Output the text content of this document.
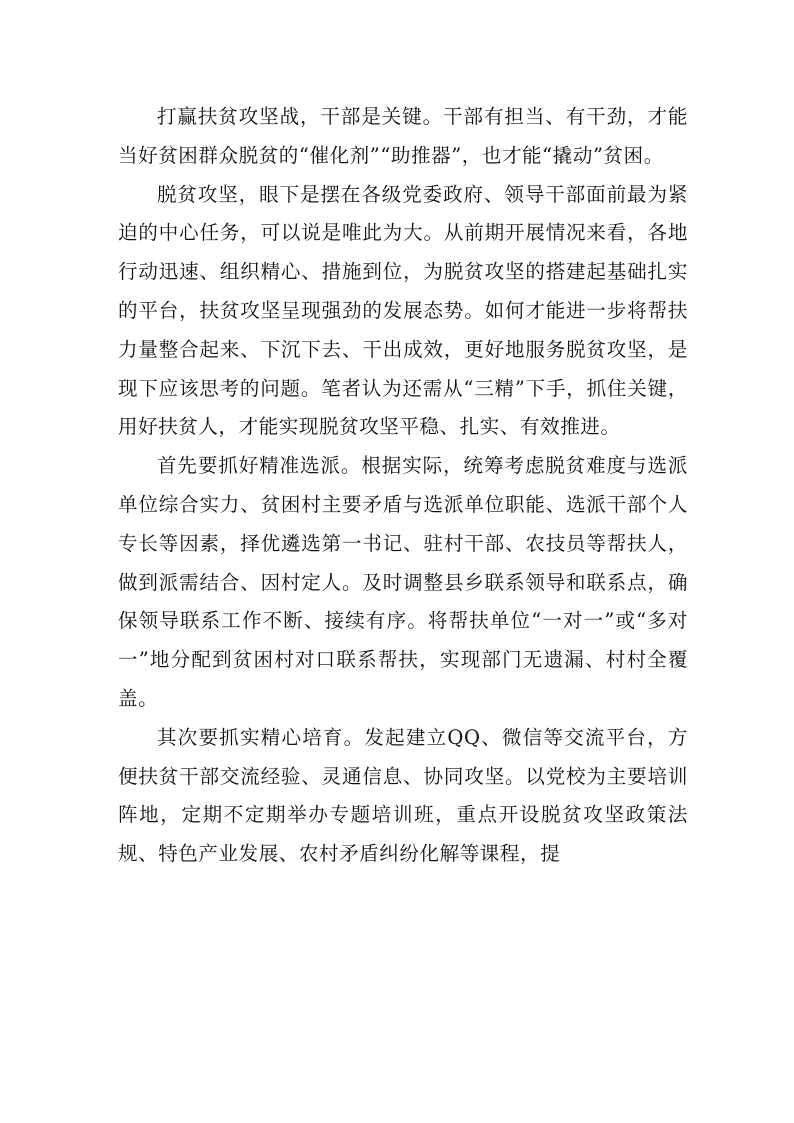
打赢扶贫攻坚战，干部是关键。干部有担当、有干劲，才能当好贫困群众脱贫的“催化剂”“助推器”，也才能“撬动”贫困。

脱贫攻坚，眼下是摆在各级党委政府、领导干部面前最为紧迫的中心任务，可以说是唯此为大。从前期开展情况来看，各地行动迅速、组织精心、措施到位，为脱贫攻坚的搭建起基础扎实的平台，扶贫攻坚呈现强劲的发展态势。如何才能进一步将帮扶力量整合起来、下沉下去、干出成效，更好地服务脱贫攻坚，是现下应该思考的问题。笔者认为还需从“三精”下手，抓住关键，用好扶贫人，才能实现脱贫攻坚平稳、扎实、有效推进。

首先要抓好精准选派。根据实际，统筹考虑脱贫难度与选派单位综合实力、贫困村主要矛盾与选派单位职能、选派干部个人专长等因素，择优遴选第一书记、驻村干部、农技员等帮扶人，做到派需结合、因村定人。及时调整县乡联系领导和联系点，确保领导联系工作不断、接续有序。将帮扶单位“一对一”或“多对一”地分配到贫困村对口联系帮扶，实现部门无遗漏、村村全覆盖。

其次要抓实精心培育。发起建立QQ、微信等交流平台，方便扶贫干部交流经验、灵通信息、协同攻坚。以党校为主要培训阵地，定期不定期举办专题培训班，重点开设脱贫攻坚政策法规、特色产业发展、农村矛盾纠纷化解等课程，提
